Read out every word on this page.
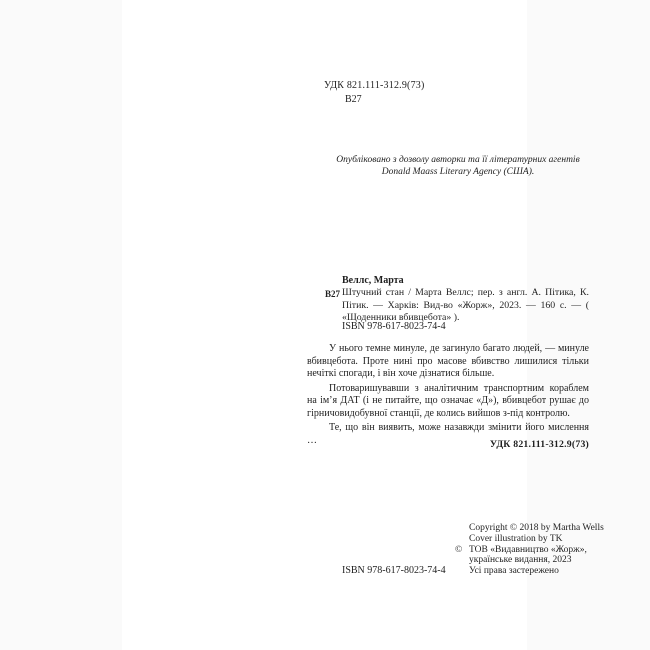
УДК 821.111-312.9(73)
В27
Опубліковано з дозволу авторки та її літературних агентів
Donald Maass Literary Agency (США).
Веллс, Марта
В27 Штучний стан / Марта Веллс; пер. з англ. А. Пітика, К. Пітик. — Харків: Вид-во «Жорж», 2023. — 160 с. — ( «Щоденники вбивцебота» ).
ISBN 978-617-8023-74-4

У нього темне минуле, де загинуло багато людей, — минуле вбивцебота. Проте нині про масове вбивство лишилися тільки нечіткі спогади, і він хоче дізнатися більше.

Потоваришувавши з аналітичним транспортним кораблем на ім’я ДАТ (і не питайте, що означає «Д»), вбивцебот рушає до гірничовидобувної станції, де колись вийшов з-під контролю.

Те, що він виявить, може назавжди змінити його мислення …	УДК 821.111-312.9(73)
Copyright © 2018 by Martha Wells
Cover illustration by TK
© ТОВ «Видавництво «Жорж»,
українське видання, 2023
Усі права застережено
ISBN 978-617-8023-74-4
